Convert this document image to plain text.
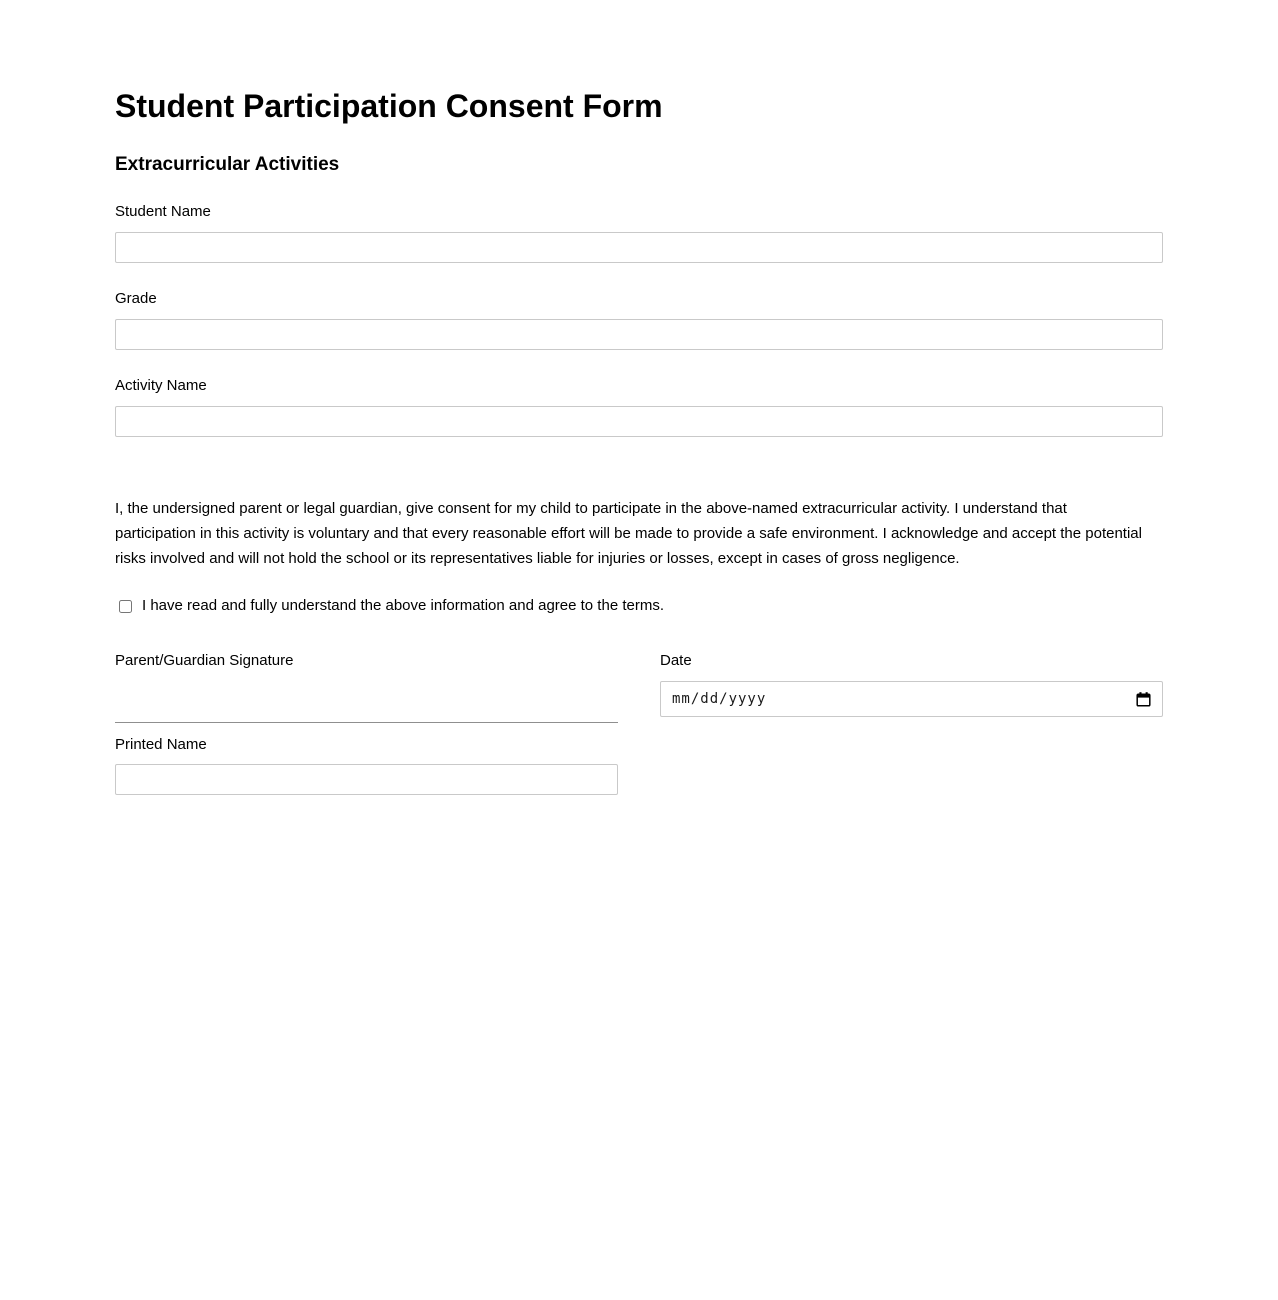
Student Participation Consent Form
Extracurricular Activities
Student Name
Grade
Activity Name

I, the undersigned parent or legal guardian, give consent for my child to participate in the above-named extracurricular activity. I understand that participation in this activity is voluntary and that every reasonable effort will be made to provide a safe environment. I acknowledge and accept the potential risks involved and will not hold the school or its representatives liable for injuries or losses, except in cases of gross negligence.

I have read and fully understand the above information and agree to the terms.
Parent/Guardian Signature
Printed Name
Date
mm/dd/yyyy
